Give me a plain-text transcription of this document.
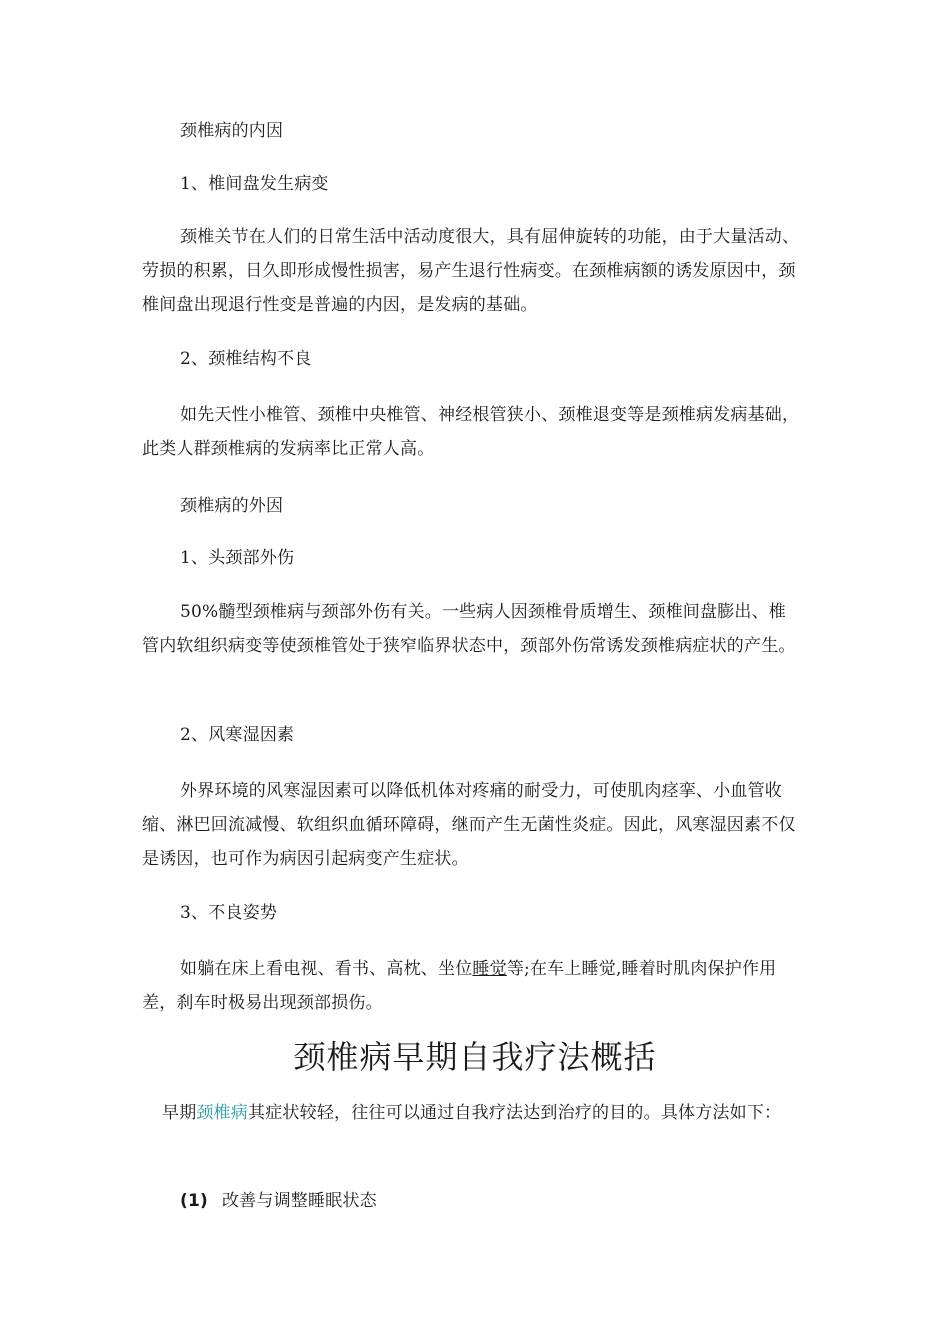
颈椎病的内因

1、椎间盘发生病变

颈椎关节在人们的日常生活中活动度很大，具有屈伸旋转的功能，由于大量活动、劳损的积累，日久即形成慢性损害，易产生退行性病变。在颈椎病额的诱发原因中，颈椎间盘出现退行性变是普遍的内因，是发病的基础。

2、颈椎结构不良

如先天性小椎管、颈椎中央椎管、神经根管狭小、颈椎退变等是颈椎病发病基础，此类人群颈椎病的发病率比正常人高。

颈椎病的外因

1、头颈部外伤

50%髓型颈椎病与颈部外伤有关。一些病人因颈椎骨质增生、颈椎间盘膨出、椎管内软组织病变等使颈椎管处于狭窄临界状态中，颈部外伤常诱发颈椎病症状的产生。

2、风寒湿因素

外界环境的风寒湿因素可以降低机体对疼痛的耐受力，可使肌肉痉挛、小血管收缩、淋巴回流减慢、软组织血循环障碍，继而产生无菌性炎症。因此，风寒湿因素不仅是诱因，也可作为病因引起病变产生症状。

3、不良姿势

如躺在床上看电视、看书、高枕、坐位睡觉等;在车上睡觉,睡着时肌肉保护作用差，刹车时极易出现颈部损伤。

颈椎病早期自我疗法概括

早期颈椎病其症状较轻，往往可以通过自我疗法达到治疗的目的。具体方法如下：

(1) 改善与调整睡眠状态
